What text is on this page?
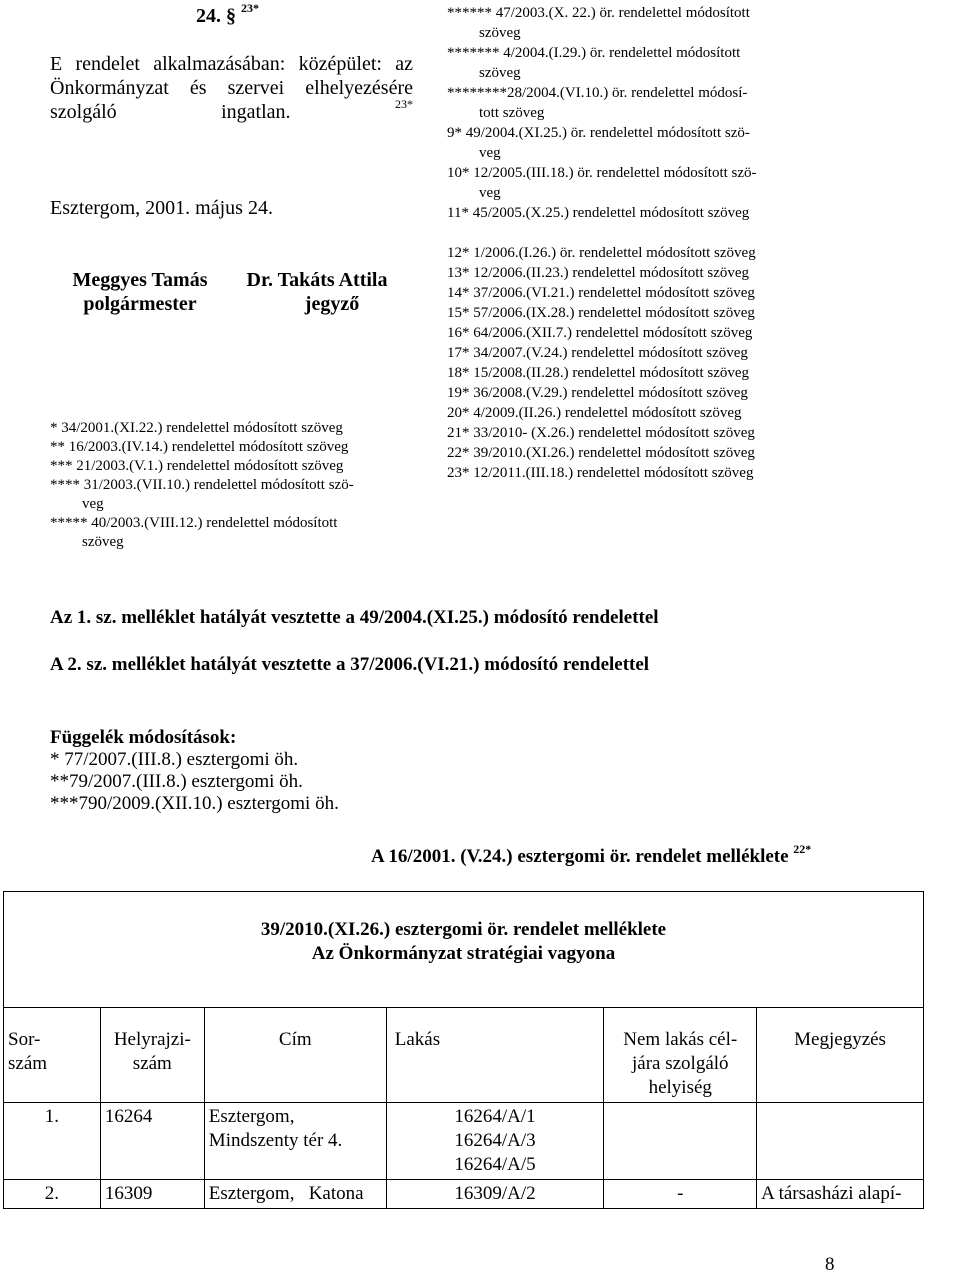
24. § $^{23*}$
E rendelet alkalmazásában: középület: az Önkormányzat és szervei elhelyezésére szolgáló ingatlan.	$^{23*}$
Esztergom, 2001. május 24.
Meggyes Tamás
polgármester
Dr. Takáts Attila
jegyző
* 34/2001.(XI.22.) rendelettel módosított szöveg
** 16/2003.(IV.14.) rendelettel módosított szöveg
*** 21/2003.(V.1.) rendelettel módosított szöveg
**** 31/2003.(VII.10.) rendelettel módosított szö-
veg
***** 40/2003.(VIII.12.) rendelettel módosított
szöveg
****** 47/2003.(X. 22.) ör. rendelettel módosított
szöveg
******* 4/2004.(I.29.) ör. rendelettel módosított
szöveg
********28/2004.(VI.10.) ör. rendelettel módosí-
tott szöveg
9* 49/2004.(XI.25.) ör. rendelettel módosított szö-
veg
10* 12/2005.(III.18.) ör. rendelettel módosított szö-
veg
11* 45/2005.(X.25.) rendelettel módosított szöveg
12* 1/2006.(I.26.) ör. rendelettel módosított szöveg
13* 12/2006.(II.23.) rendelettel módosított szöveg
14* 37/2006.(VI.21.) rendelettel módosított szöveg
15* 57/2006.(IX.28.) rendelettel módosított szöveg
16* 64/2006.(XII.7.) rendelettel módosított szöveg
17* 34/2007.(V.24.) rendelettel módosított szöveg
18* 15/2008.(II.28.) rendelettel módosított szöveg
19* 36/2008.(V.29.) rendelettel módosított szöveg
20* 4/2009.(II.26.) rendelettel módosított szöveg
21* 33/2010- (X.26.) rendelettel módosított szöveg
22* 39/2010.(XI.26.) rendelettel módosított szöveg
23* 12/2011.(III.18.) rendelettel módosított szöveg
Az 1. sz. melléklet hatályát vesztette a 49/2004.(XI.25.) módosító rendelettel
A 2. sz. melléklet hatályát vesztette a 37/2006.(VI.21.) módosító rendelettel
Függelék módosítások:
* 77/2007.(III.8.) esztergomi öh.
**79/2007.(III.8.) esztergomi öh.
***790/2009.(XII.10.) esztergomi öh.
A 16/2001. (V.24.) esztergomi ör. rendelet melléklete $^{22*}$
39/2010.(XI.26.) esztergomi ör. rendelet melléklete
Az Önkormányzat stratégiai vagyona					

Sor-
szám	Helyrajzi-
szám	Cím	Lakás	Nem lakás cél-
jára szolgáló
helyiség	Megjegyzés
1.	16264	Esztergom,
Mindszenty tér 4.	16264/A/1
16264/A/3
16264/A/5		
2.	16309	Esztergom,   Katona	16309/A/2	-	A társasházi alapí-
8
